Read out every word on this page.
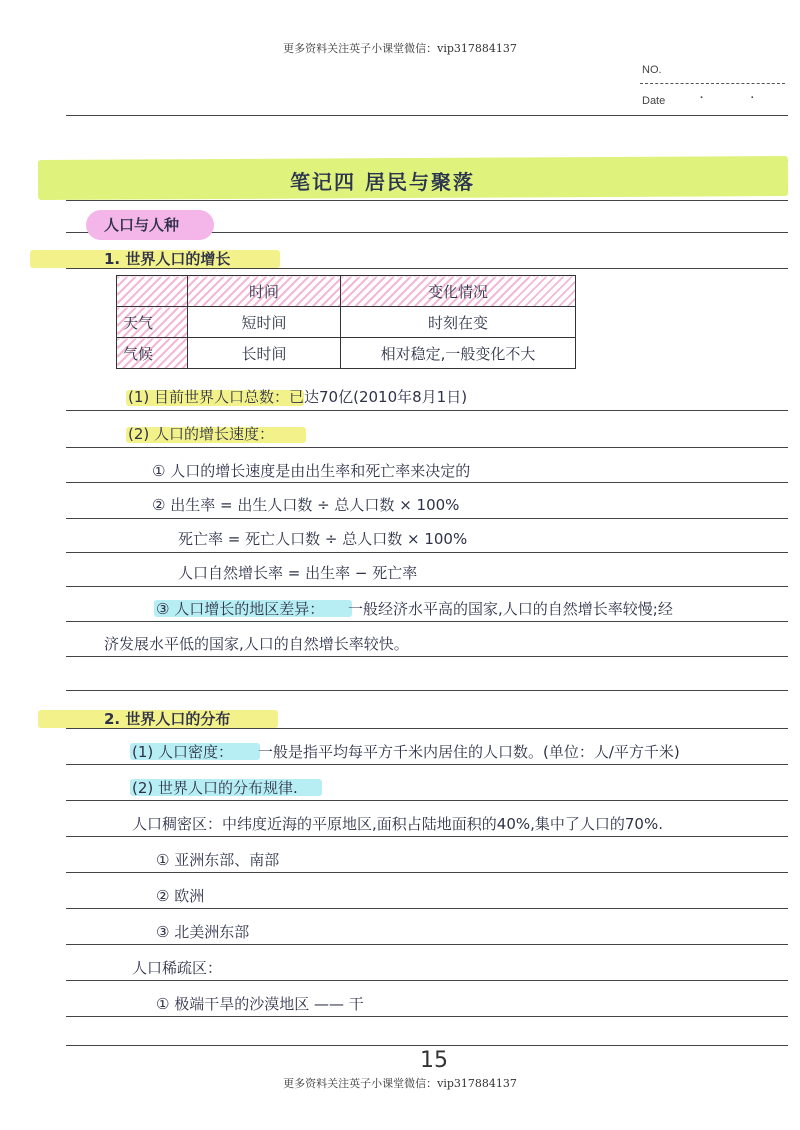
更多资料关注英子小课堂微信：vip317884137
NO.
Date	· ·
笔记四 居民与聚落
人口与人种
1. 世界人口的增长
	时间	变化情况
天气	短时间	时刻在变
气候	长时间	相对稳定,一般变化不大
(1) 目前世界人口总数：已达70亿(2010年8月1日)
(2) 人口的增长速度：
① 人口的增长速度是由出生率和死亡率来决定的
② 出生率 = 出生人口数 ÷ 总人口数 × 100%
死亡率 = 死亡人口数 ÷ 总人口数 × 100%
人口自然增长率 = 出生率 − 死亡率
③ 人口增长的地区差异： 一般经济水平高的国家,人口的自然增长率较慢;经
济发展水平低的国家,人口的自然增长率较快。
2. 世界人口的分布
(1) 人口密度： 一般是指平均每平方千米内居住的人口数。(单位：人/平方千米)
(2) 世界人口的分布规律.
人口稠密区：中纬度近海的平原地区,面积占陆地面积的40%,集中了人口的70%.
① 亚洲东部、南部
② 欧洲
③ 北美洲东部
人口稀疏区：
① 极端干旱的沙漠地区 —— 干
15
更多资料关注英子小课堂微信：vip317884137
